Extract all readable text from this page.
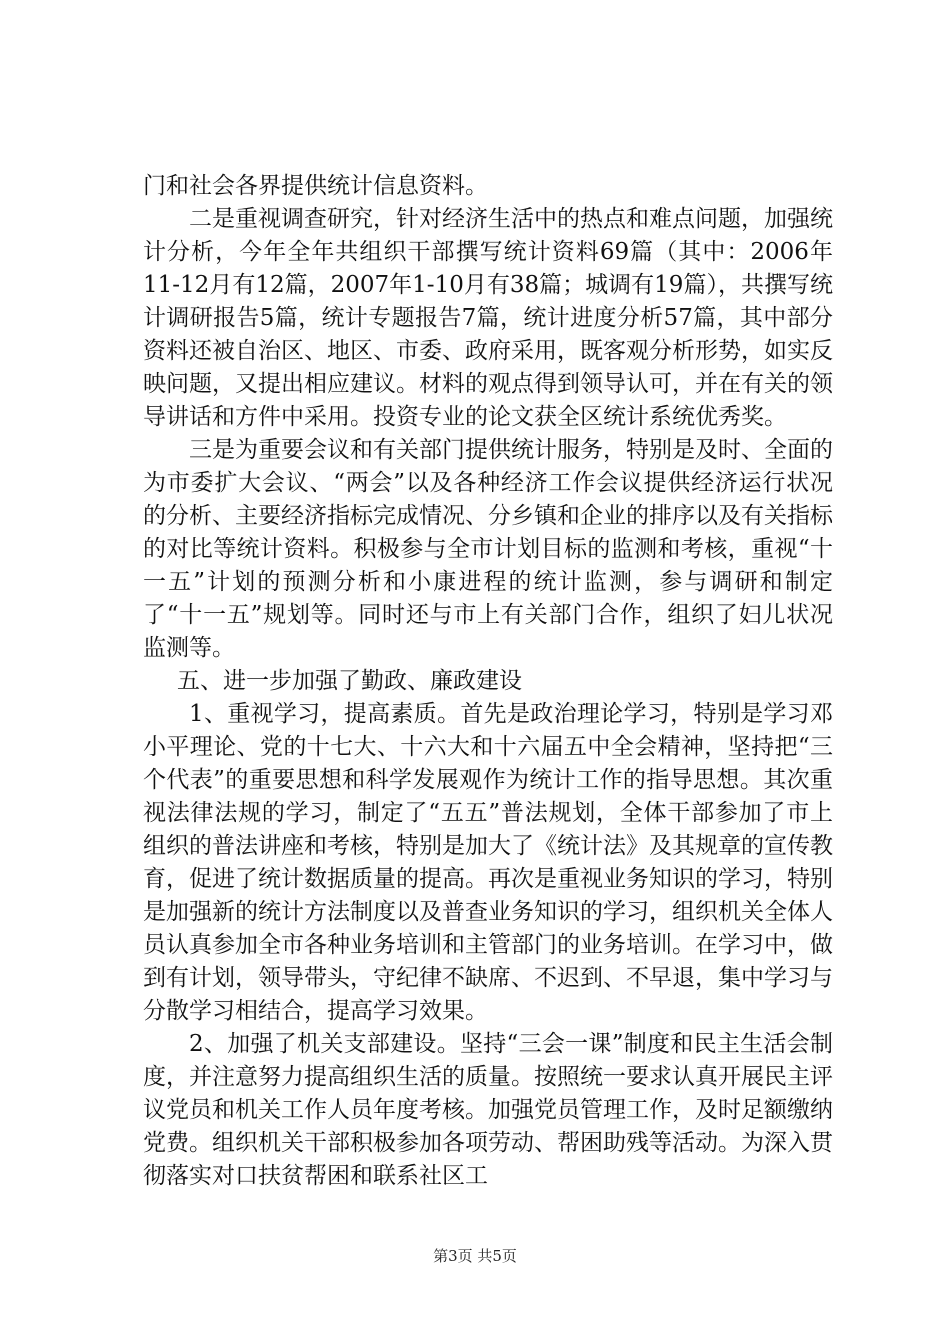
门和社会各界提供统计信息资料。

二是重视调查研究，针对经济生活中的热点和难点问题，加强统计分析，今年全年共组织干部撰写统计资料69篇（其中：2006年11-12月有12篇，2007年1-10月有38篇；城调有19篇），共撰写统计调研报告5篇，统计专题报告7篇，统计进度分析57篇，其中部分资料还被自治区、地区、市委、政府采用，既客观分析形势，如实反映问题，又提出相应建议。材料的观点得到领导认可，并在有关的领导讲话和方件中采用。投资专业的论文获全区统计系统优秀奖。

三是为重要会议和有关部门提供统计服务，特别是及时、全面的为市委扩大会议、“两会”以及各种经济工作会议提供经济运行状况的分析、主要经济指标完成情况、分乡镇和企业的排序以及有关指标的对比等统计资料。积极参与全市计划目标的监测和考核，重视“十一五”计划的预测分析和小康进程的统计监测，参与调研和制定了“十一五”规划等。同时还与市上有关部门合作，组织了妇儿状况监测等。

五、进一步加强了勤政、廉政建设

1、重视学习，提高素质。首先是政治理论学习，特别是学习邓小平理论、党的十七大、十六大和十六届五中全会精神，坚持把“三个代表”的重要思想和科学发展观作为统计工作的指导思想。其次重视法律法规的学习，制定了“五五”普法规划，全体干部参加了市上组织的普法讲座和考核，特别是加大了《统计法》及其规章的宣传教育，促进了统计数据质量的提高。再次是重视业务知识的学习，特别是加强新的统计方法制度以及普查业务知识的学习，组织机关全体人员认真参加全市各种业务培训和主管部门的业务培训。在学习中，做到有计划，领导带头，守纪律不缺席、不迟到、不早退，集中学习与分散学习相结合，提高学习效果。

2、加强了机关支部建设。坚持“三会一课”制度和民主生活会制度，并注意努力提高组织生活的质量。按照统一要求认真开展民主评议党员和机关工作人员年度考核。加强党员管理工作，及时足额缴纳党费。组织机关干部积极参加各项劳动、帮困助残等活动。为深入贯彻落实对口扶贫帮困和联系社区工

第3页 共5页
